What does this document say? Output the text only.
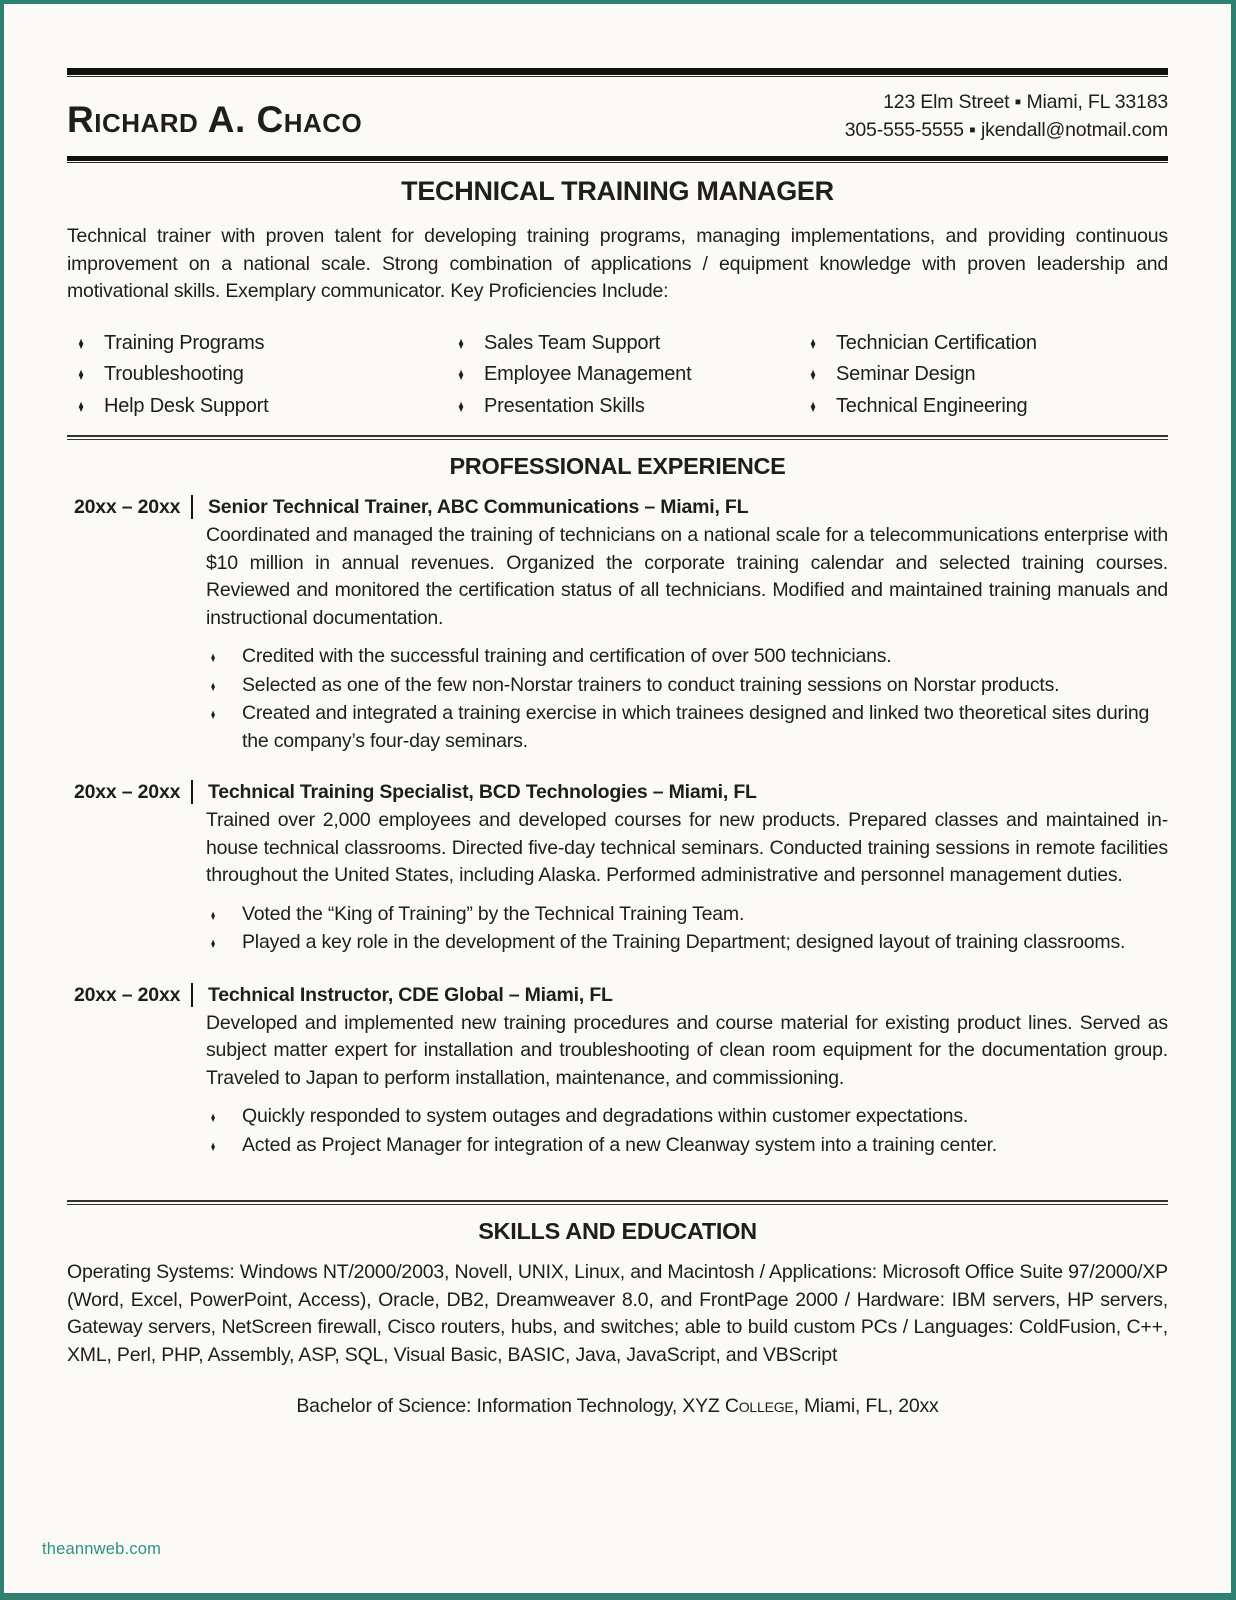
Richard A. Chaco	123 Elm Street ▪ Miami, FL 33183
305-555-5555 ▪ jkendall@notmail.com
TECHNICAL TRAINING MANAGER

Technical trainer with proven talent for developing training programs, managing implementations, and providing continuous improvement on a national scale. Strong combination of applications / equipment knowledge with proven leadership and motivational skills. Exemplary communicator. Key Proficiencies Include:

♦ Training Programs
♦ Troubleshooting
♦ Help Desk Support
♦ Sales Team Support
♦ Employee Management
♦ Presentation Skills
♦ Technician Certification
♦ Seminar Design
♦ Technical Engineering
PROFESSIONAL EXPERIENCE
20xx – 20xx Senior Technical Trainer, ABC Communications – Miami, FL

Coordinated and managed the training of technicians on a national scale for a telecommunications enterprise with $10 million in annual revenues. Organized the corporate training calendar and selected training courses. Reviewed and monitored the certification status of all technicians. Modified and maintained training manuals and instructional documentation.

♦ Credited with the successful training and certification of over 500 technicians.
♦ Selected as one of the few non-Norstar trainers to conduct training sessions on Norstar products.
♦ Created and integrated a training exercise in which trainees designed and linked two theoretical sites during the company’s four-day seminars.
20xx – 20xx Technical Training Specialist, BCD Technologies – Miami, FL

Trained over 2,000 employees and developed courses for new products. Prepared classes and maintained in-house technical classrooms. Directed five-day technical seminars. Conducted training sessions in remote facilities throughout the United States, including Alaska. Performed administrative and personnel management duties.

♦ Voted the “King of Training” by the Technical Training Team.
♦ Played a key role in the development of the Training Department; designed layout of training classrooms.
20xx – 20xx Technical Instructor, CDE Global – Miami, FL

Developed and implemented new training procedures and course material for existing product lines. Served as subject matter expert for installation and troubleshooting of clean room equipment for the documentation group. Traveled to Japan to perform installation, maintenance, and commissioning.

♦ Quickly responded to system outages and degradations within customer expectations.
♦ Acted as Project Manager for integration of a new Cleanway system into a training center.
SKILLS AND EDUCATION

Operating Systems: Windows NT/2000/2003, Novell, UNIX, Linux, and Macintosh / Applications: Microsoft Office Suite 97/2000/XP (Word, Excel, PowerPoint, Access), Oracle, DB2, Dreamweaver 8.0, and FrontPage 2000 / Hardware: IBM servers, HP servers, Gateway servers, NetScreen firewall, Cisco routers, hubs, and switches; able to build custom PCs / Languages: ColdFusion, C++, XML, Perl, PHP, Assembly, ASP, SQL, Visual Basic, BASIC, Java, JavaScript, and VBScript

Bachelor of Science: Information Technology, XYZ College, Miami, FL, 20xx
theannweb.com
